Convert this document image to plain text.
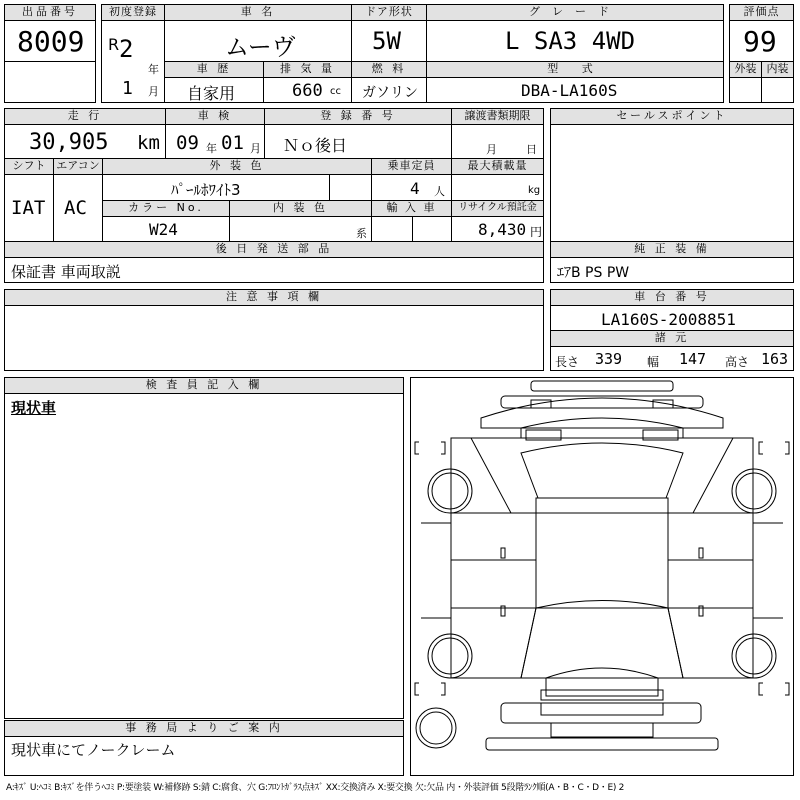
出品番号
8009
初度登録
R 2
年
1 月
車 名
ムーヴ
ドア形状
5W
グレード
L SA3 4WD
評価点
99
外装 内装
車 歴
自家用
排 気 量
660 cc
燃 料
ガソリン
型 式
DBA-LA160S
走 行
30,905 km
車 検
09 年 01 月
登 録 番 号
Ｎｏ後日
譲渡書類期限
月	日
セールスポイント
シフト
IAT
エアコン
AC
外 装 色
ﾊﾟｰﾙﾎﾜｲﾄ3
乗車定員
4 人
最大積載量
kg
カラー No.
W24
内 装 色
系
輸 入 車	リサイクル預託金
8,430 円
後 日 発 送 部 品
保証書 車両取説
純 正 装 備
ｴｱB PS PW
注 意 事 項 欄	車 台 番 号
LA160S-2008851
諸 元
長さ 339 幅 147 高さ 163
検 査 員 記 入 欄
現状車
事 務 局 よ り ご 案 内
現状車にてノークレーム
A:ｷｽﾞ U:ﾍｺﾐ B:ｷｽﾞを伴うﾍｺﾐ P:要塗装 W:補修跡 S:錆 C:腐食、穴 G:ﾌﾛﾝﾄｶﾞﾗｽ点ｷｽﾞ XX:交換済み X:要交換 欠:欠品 内・外装評価 5段階ﾗﾝｸ順(A・B・C・D・E) 2
